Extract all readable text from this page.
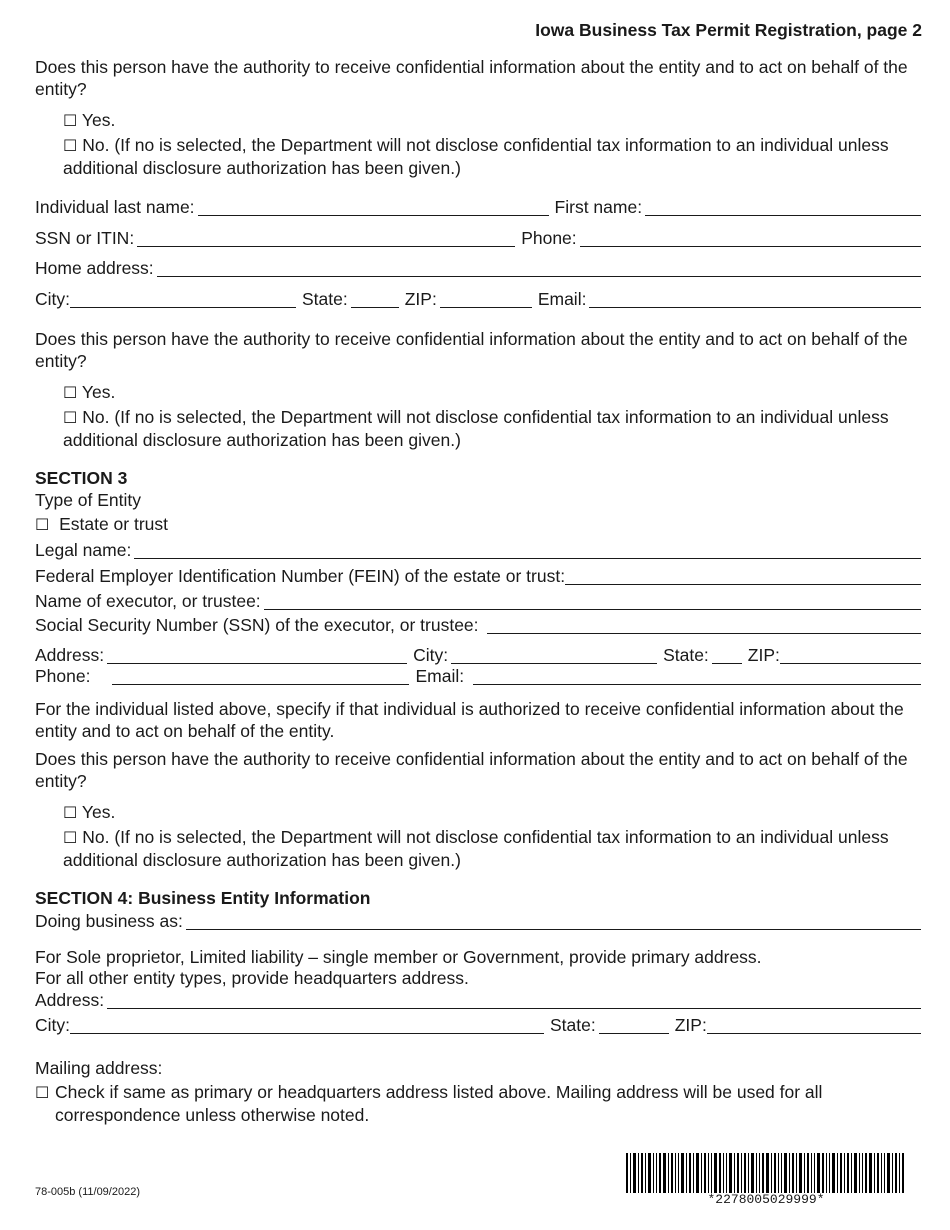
Iowa Business Tax Permit Registration, page 2
Does this person have the authority to receive confidential information about the entity and to act on behalf of the entity?
☐ Yes.
☐ No. (If no is selected, the Department will not disclose confidential tax information to an individual unless additional disclosure authorization has been given.)
Individual last name:	First name:
SSN or ITIN:	Phone:
Home address:
City:	State:	ZIP:	Email:
Does this person have the authority to receive confidential information about the entity and to act on behalf of the entity?
☐ Yes.
☐ No. (If no is selected, the Department will not disclose confidential tax information to an individual unless additional disclosure authorization has been given.)
SECTION 3
Type of Entity
☐ Estate or trust
Legal name:
Federal Employer Identification Number (FEIN) of the estate or trust:
Name of executor, or trustee:
Social Security Number (SSN) of the executor, or trustee:
Address:	City:	State: ZIP:
Phone:	Email:
For the individual listed above, specify if that individual is authorized to receive confidential information about the entity and to act on behalf of the entity.
Does this person have the authority to receive confidential information about the entity and to act on behalf of the entity?
☐ Yes.
☐ No. (If no is selected, the Department will not disclose confidential tax information to an individual unless additional disclosure authorization has been given.)
SECTION 4: Business Entity Information
Doing business as:
For Sole proprietor, Limited liability – single member or Government, provide primary address.
For all other entity types, provide headquarters address.
Address:
City:	State:	ZIP:
Mailing address:
☐ Check if same as primary or headquarters address listed above. Mailing address will be used for all correspondence unless otherwise noted.
78-005b (11/09/2022)	*2278005029999*
